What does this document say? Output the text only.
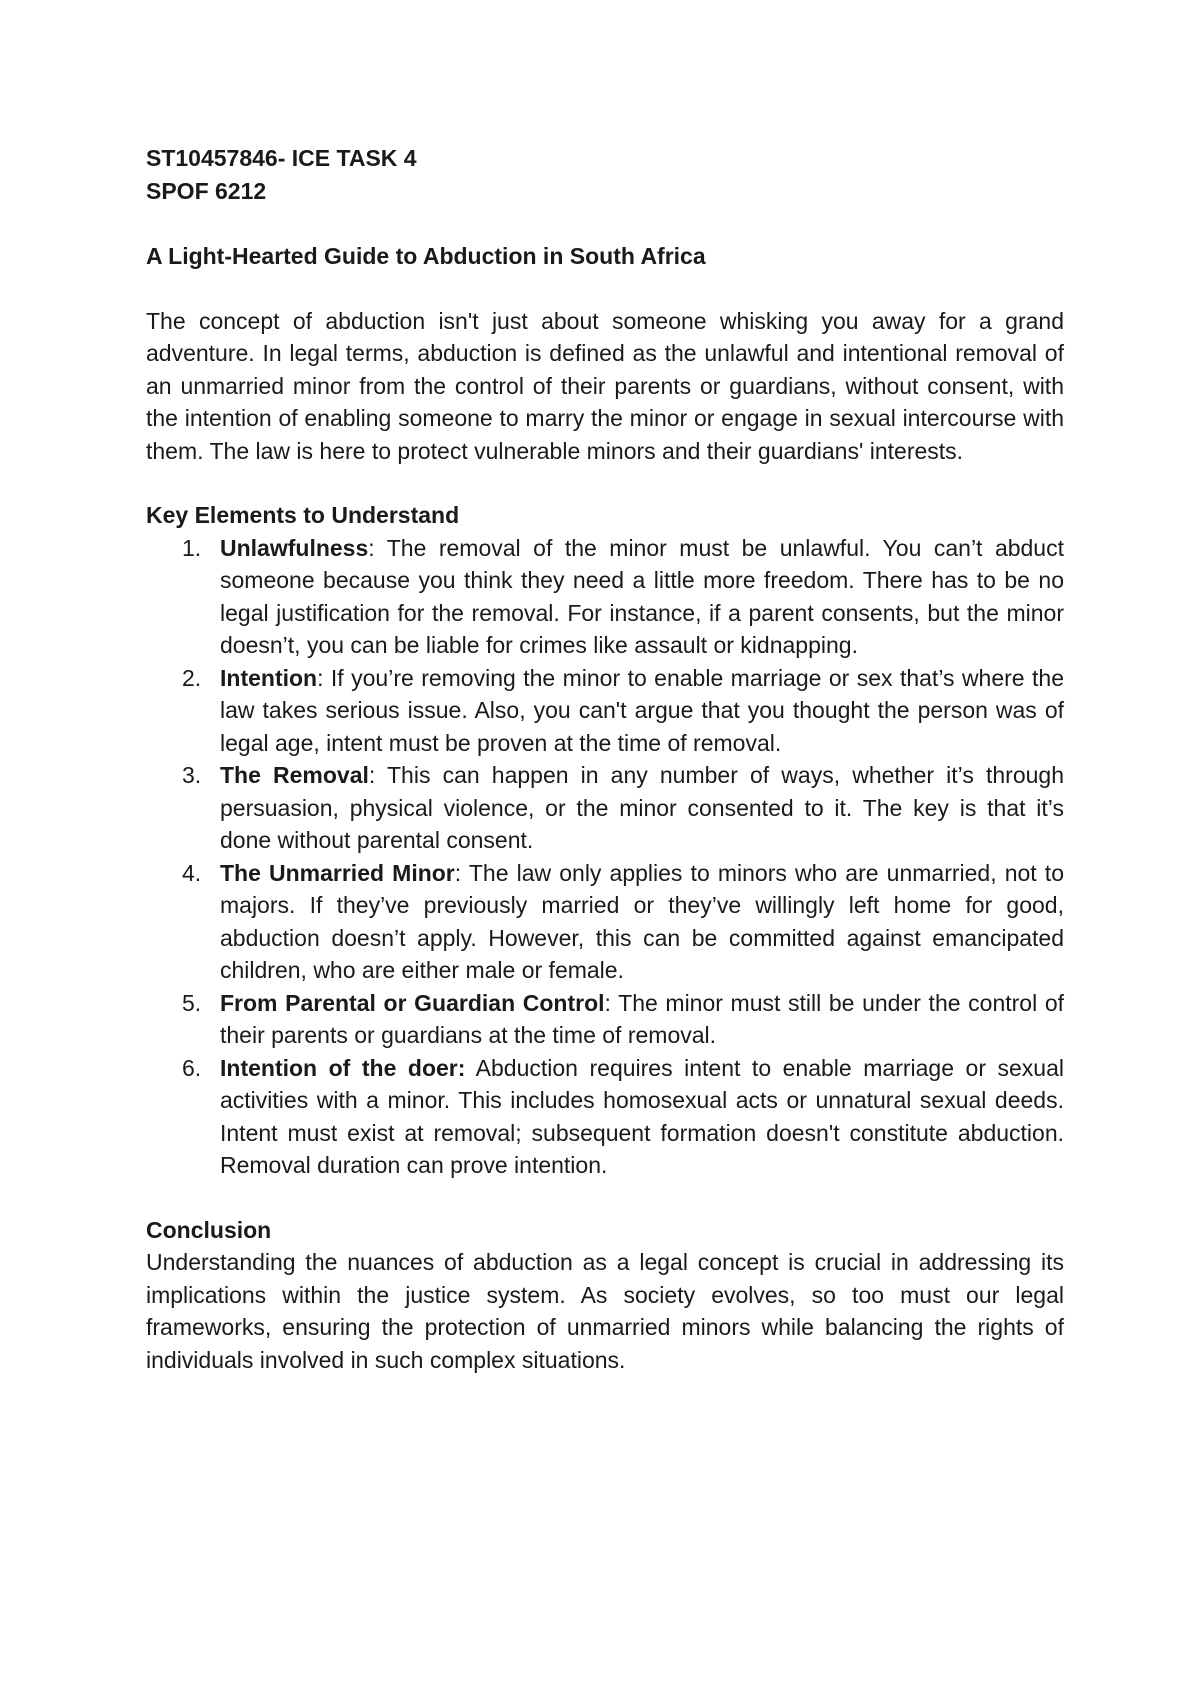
ST10457846- ICE TASK 4

SPOF 6212

A Light-Hearted Guide to Abduction in South Africa

The concept of abduction isn't just about someone whisking you away for a grand adventure. In legal terms, abduction is defined as the unlawful and intentional removal of an unmarried minor from the control of their parents or guardians, without consent, with the intention of enabling someone to marry the minor or engage in sexual intercourse with them. The law is here to protect vulnerable minors and their guardians' interests.

Key Elements to Understand

1. Unlawfulness: The removal of the minor must be unlawful. You can’t abduct someone because you think they need a little more freedom. There has to be no legal justification for the removal. For instance, if a parent consents, but the minor doesn’t, you can be liable for crimes like assault or kidnapping.
2. Intention: If you’re removing the minor to enable marriage or sex that’s where the law takes serious issue. Also, you can't argue that you thought the person was of legal age, intent must be proven at the time of removal.
3. The Removal: This can happen in any number of ways, whether it’s through persuasion, physical violence, or the minor consented to it. The key is that it’s done without parental consent.
4. The Unmarried Minor: The law only applies to minors who are unmarried, not to majors. If they’ve previously married or they’ve willingly left home for good, abduction doesn’t apply. However, this can be committed against emancipated children, who are either male or female.
5. From Parental or Guardian Control: The minor must still be under the control of their parents or guardians at the time of removal.
6. Intention of the doer: Abduction requires intent to enable marriage or sexual activities with a minor. This includes homosexual acts or unnatural sexual deeds. Intent must exist at removal; subsequent formation doesn't constitute abduction. Removal duration can prove intention.

Conclusion

Understanding the nuances of abduction as a legal concept is crucial in addressing its implications within the justice system. As society evolves, so too must our legal frameworks, ensuring the protection of unmarried minors while balancing the rights of individuals involved in such complex situations.
